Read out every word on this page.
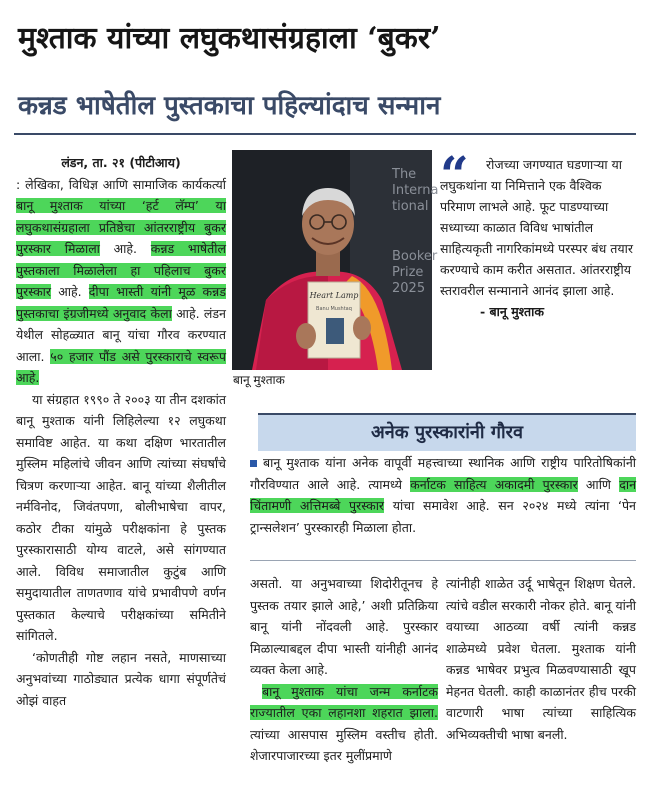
मुश्ताक यांच्या लघुकथासंग्रहाला ‘बुकर’
कन्नड भाषेतील पुस्तकाचा पहिल्यांदाच सन्मान

लंडन, ता. २१ (पीटीआय)
: लेखिका, विधिज्ञ आणि सामाजिक कार्यकर्त्या बानू मुश्ताक यांच्या ‘हर्ट लॅम्प’ या लघुकथासंग्रहाला प्रतिष्ठेचा आंतरराष्ट्रीय बुकर पुरस्कार मिळाला आहे. कन्नड भाषेतील पुस्तकाला मिळालेला हा पहिलाच बुकर पुरस्कार आहे. दीपा भास्ती यांनी मूळ कन्नड पुस्तकाचा इंग्रजीमध्ये अनुवाद केला आहे. लंडन येथील सोहळ्यात बानू यांचा गौरव करण्यात आला. ५० हजार पौंड असे पुरस्काराचे स्वरूप आहे.

या संग्रहात १९९० ते २००३ या तीन दशकांत बानू मुश्ताक यांनी लिहिलेल्या १२ लघुकथा समाविष्ट आहेत. या कथा दक्षिण भारतातील मुस्लिम महिलांचे जीवन आणि त्यांच्या संघर्षांचे चित्रण करणाऱ्या आहेत. बानू यांच्या शैलीतील नर्मविनोद, जिवंतपणा, बोलीभाषेचा वापर, कठोर टीका यांमुळे परीक्षकांना हे पुस्तक पुरस्कारासाठी योग्य वाटले, असे सांगण्यात आले. विविध समाजातील कुटुंब आणि समुदायातील ताणतणाव यांचे प्रभावीपणे वर्णन पुस्तकात केल्याचे परीक्षकांच्या समितीने सांगितले.

‘कोणतीही गोष्ट लहान नसते, माणसाच्या अनुभवांच्या गाठोड्यात प्रत्येक धागा संपूर्णतेचं ओझं वाहत

The
Interna
tional
Booker
Prize
2025
Heart Lamp
Banu Mushtaq
बानू मुश्ताक
“	रोजच्या जगण्यात घडणाऱ्या या लघुकथांना या निमित्ताने एक वैश्विक परिमाण लाभले आहे. फूट पाडण्याच्या सध्याच्या काळात विविध भाषांतील साहित्यकृती नागरिकांमध्ये परस्पर बंध तयार करण्याचे काम करीत असतात. आंतरराष्ट्रीय स्तरावरील सन्मानाने आनंद झाला आहे.

- बानू मुश्ताक

अनेक पुरस्कारांनी गौरव

बानू मुश्ताक यांना अनेक वापूर्वी महत्त्वाच्या स्थानिक आणि राष्ट्रीय पारितोषिकांनी गौरविण्यात आले आहे. त्यामध्ये कर्नाटक साहित्य अकादमी पुरस्कार आणि दान चिंतामणी अत्तिमब्बे पुरस्कार यांचा समावेश आहे. सन २०२४ मध्ये त्यांना ‘पेन ट्रान्सलेशन’ पुरस्कारही मिळाला होता.

असतो. या अनुभवाच्या शिदोरीतूनच हे पुस्तक तयार झाले आहे,’ अशी प्रतिक्रिया बानू यांनी नोंदवली आहे. पुरस्कार मिळाल्याबद्दल दीपा भास्ती यांनीही आनंद व्यक्त केला आहे.

बानू मुश्ताक यांचा जन्म कर्नाटक राज्यातील एका लहानशा शहरात झाला. त्यांच्या आसपास मुस्लिम वस्तीच होती. शेजारपाजारच्या इतर मुलींप्रमाणे

त्यांनीही शाळेत उर्दू भाषेतून शिक्षण घेतले. त्यांचे वडील सरकारी नोकर होते. बानू यांनी वयाच्या आठव्या वर्षी त्यांनी कन्नड शाळेमध्ये प्रवेश घेतला. मुश्ताक यांनी कन्नड भाषेवर प्रभुत्व मिळवण्यासाठी खूप मेहनत घेतली. काही काळानंतर हीच परकी वाटणारी भाषा त्यांच्या साहित्यिक अभिव्यक्तीची भाषा बनली.
